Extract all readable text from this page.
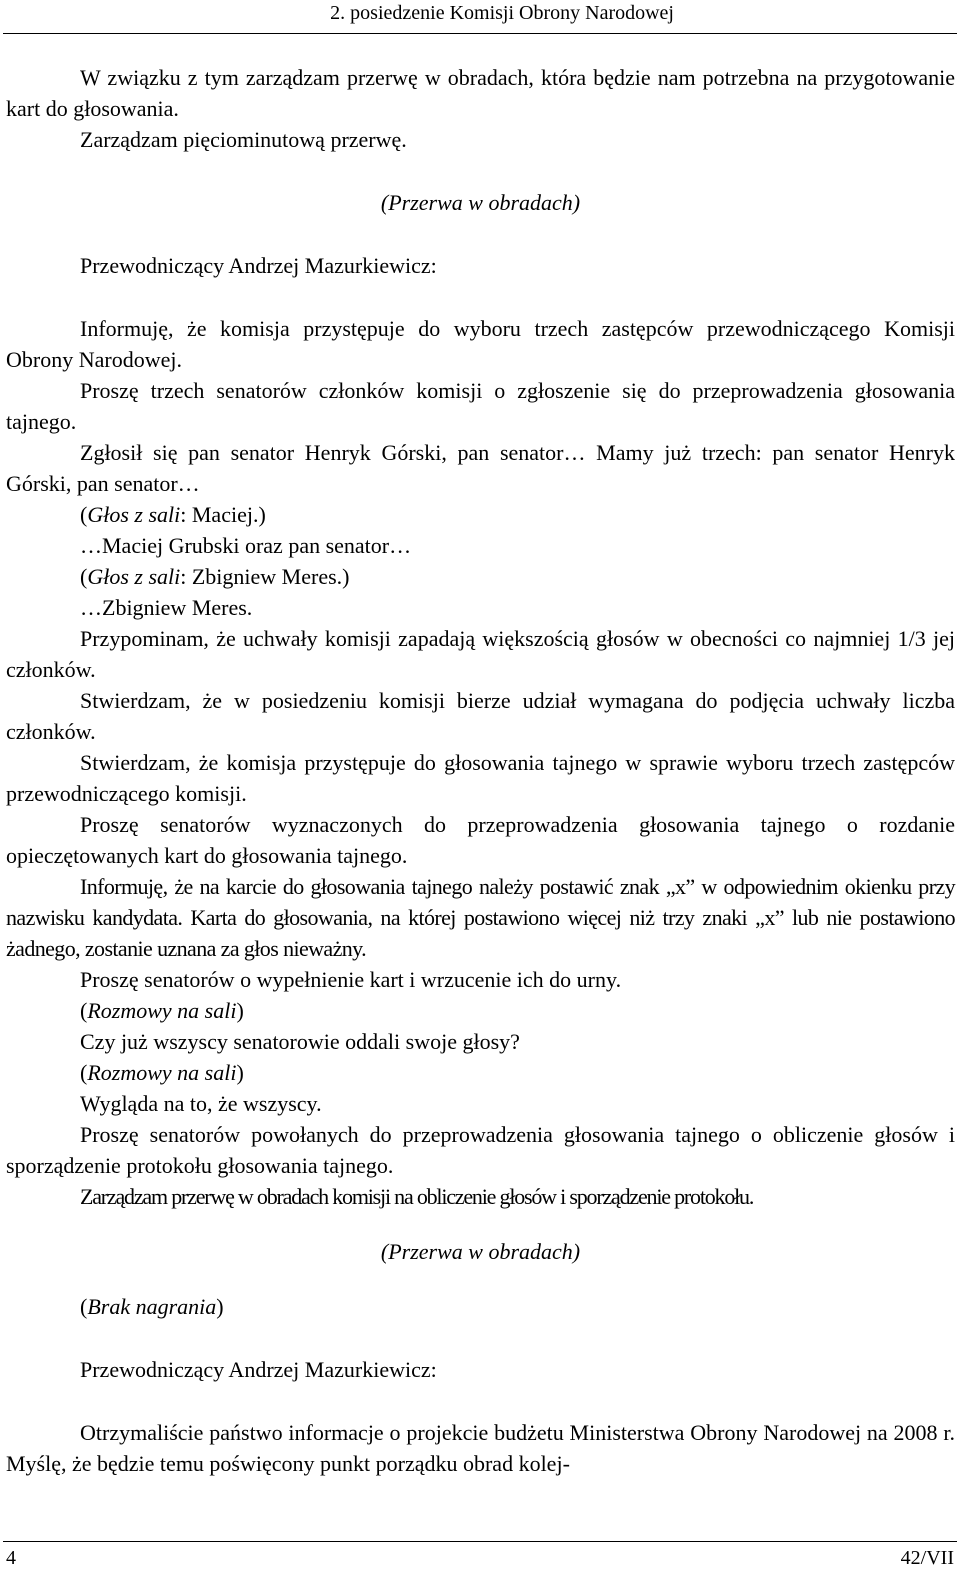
2. posiedzenie Komisji Obrony Narodowej

W związku z tym zarządzam przerwę w obradach, która będzie nam potrzebna na przygotowanie kart do głosowania.

Zarządzam pięciominutową przerwę.

(Przerwa w obradach)

Przewodniczący Andrzej Mazurkiewicz:

Informuję, że komisja przystępuje do wyboru trzech zastępców przewodniczącego Komisji Obrony Narodowej.

Proszę trzech senatorów członków komisji o zgłoszenie się do przeprowadzenia głosowania tajnego.

Zgłosił się pan senator Henryk Górski, pan senator… Mamy już trzech: pan senator Henryk Górski, pan senator…

(Głos z sali: Maciej.)

…Maciej Grubski oraz pan senator…

(Głos z sali: Zbigniew Meres.)

…Zbigniew Meres.

Przypominam, że uchwały komisji zapadają większością głosów w obecności co najmniej 1/3 jej członków.

Stwierdzam, że w posiedzeniu komisji bierze udział wymagana do podjęcia uchwały liczba członków.

Stwierdzam, że komisja przystępuje do głosowania tajnego w sprawie wyboru trzech zastępców przewodniczącego komisji.

Proszę senatorów wyznaczonych do przeprowadzenia głosowania tajnego o rozdanie opieczętowanych kart do głosowania tajnego.

Informuję, że na karcie do głosowania tajnego należy postawić znak „x” w odpowiednim okienku przy nazwisku kandydata. Karta do głosowania, na której postawiono więcej niż trzy znaki „x” lub nie postawiono żadnego, zostanie uznana za głos nieważny.

Proszę senatorów o wypełnienie kart i wrzucenie ich do urny.

(Rozmowy na sali)

Czy już wszyscy senatorowie oddali swoje głosy?

(Rozmowy na sali)

Wygląda na to, że wszyscy.

Proszę senatorów powołanych do przeprowadzenia głosowania tajnego o obliczenie głosów i sporządzenie protokołu głosowania tajnego.

Zarządzam przerwę w obradach komisji na obliczenie głosów i sporządzenie protokołu.

(Przerwa w obradach)

(Brak nagrania)

Przewodniczący Andrzej Mazurkiewicz:

Otrzymaliście państwo informacje o projekcie budżetu Ministerstwa Obrony Narodowej na 2008 r. Myślę, że będzie temu poświęcony punkt porządku obrad kolej-

4	42/VII
